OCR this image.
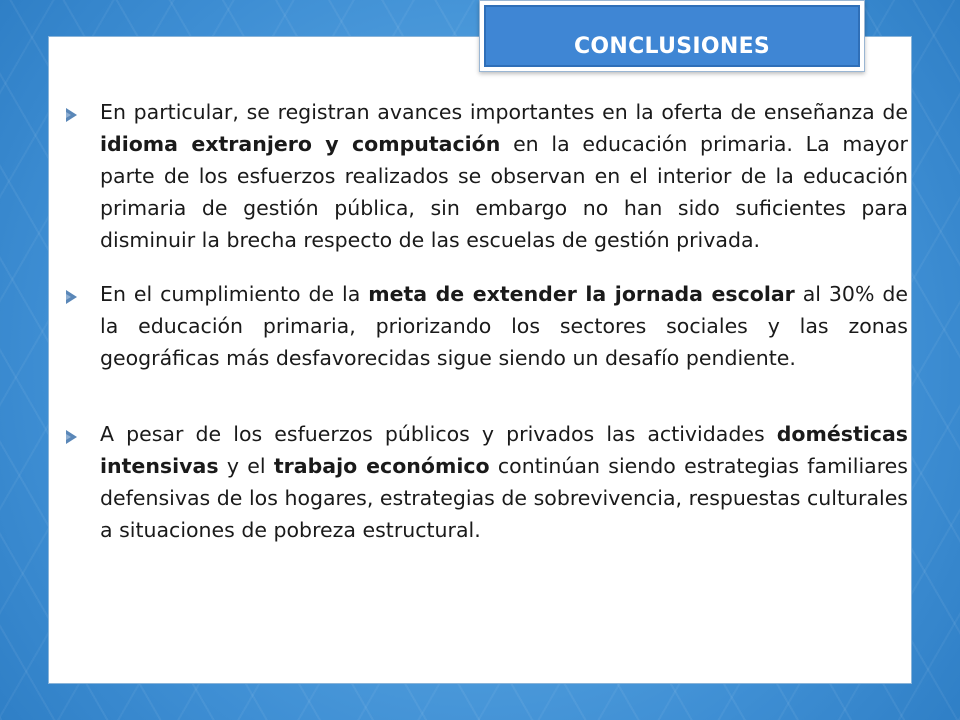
CONCLUSIONES
En particular, se registran avances importantes en la oferta de enseñanza de idioma extranjero y computación en la educación primaria. La mayor parte de los esfuerzos realizados se observan en el interior de la educación primaria de gestión pública, sin embargo no han sido suficientes para disminuir la brecha respecto de las escuelas de gestión privada.
En el cumplimiento de la meta de extender la jornada escolar al 30% de la educación primaria, priorizando los sectores sociales y las zonas geográficas más desfavorecidas sigue siendo un desafío pendiente.
A pesar de los esfuerzos públicos y privados las actividades domésticas intensivas y el trabajo económico continúan siendo estrategias familiares defensivas de los hogares, estrategias de sobrevivencia, respuestas culturales a situaciones de pobreza estructural.
